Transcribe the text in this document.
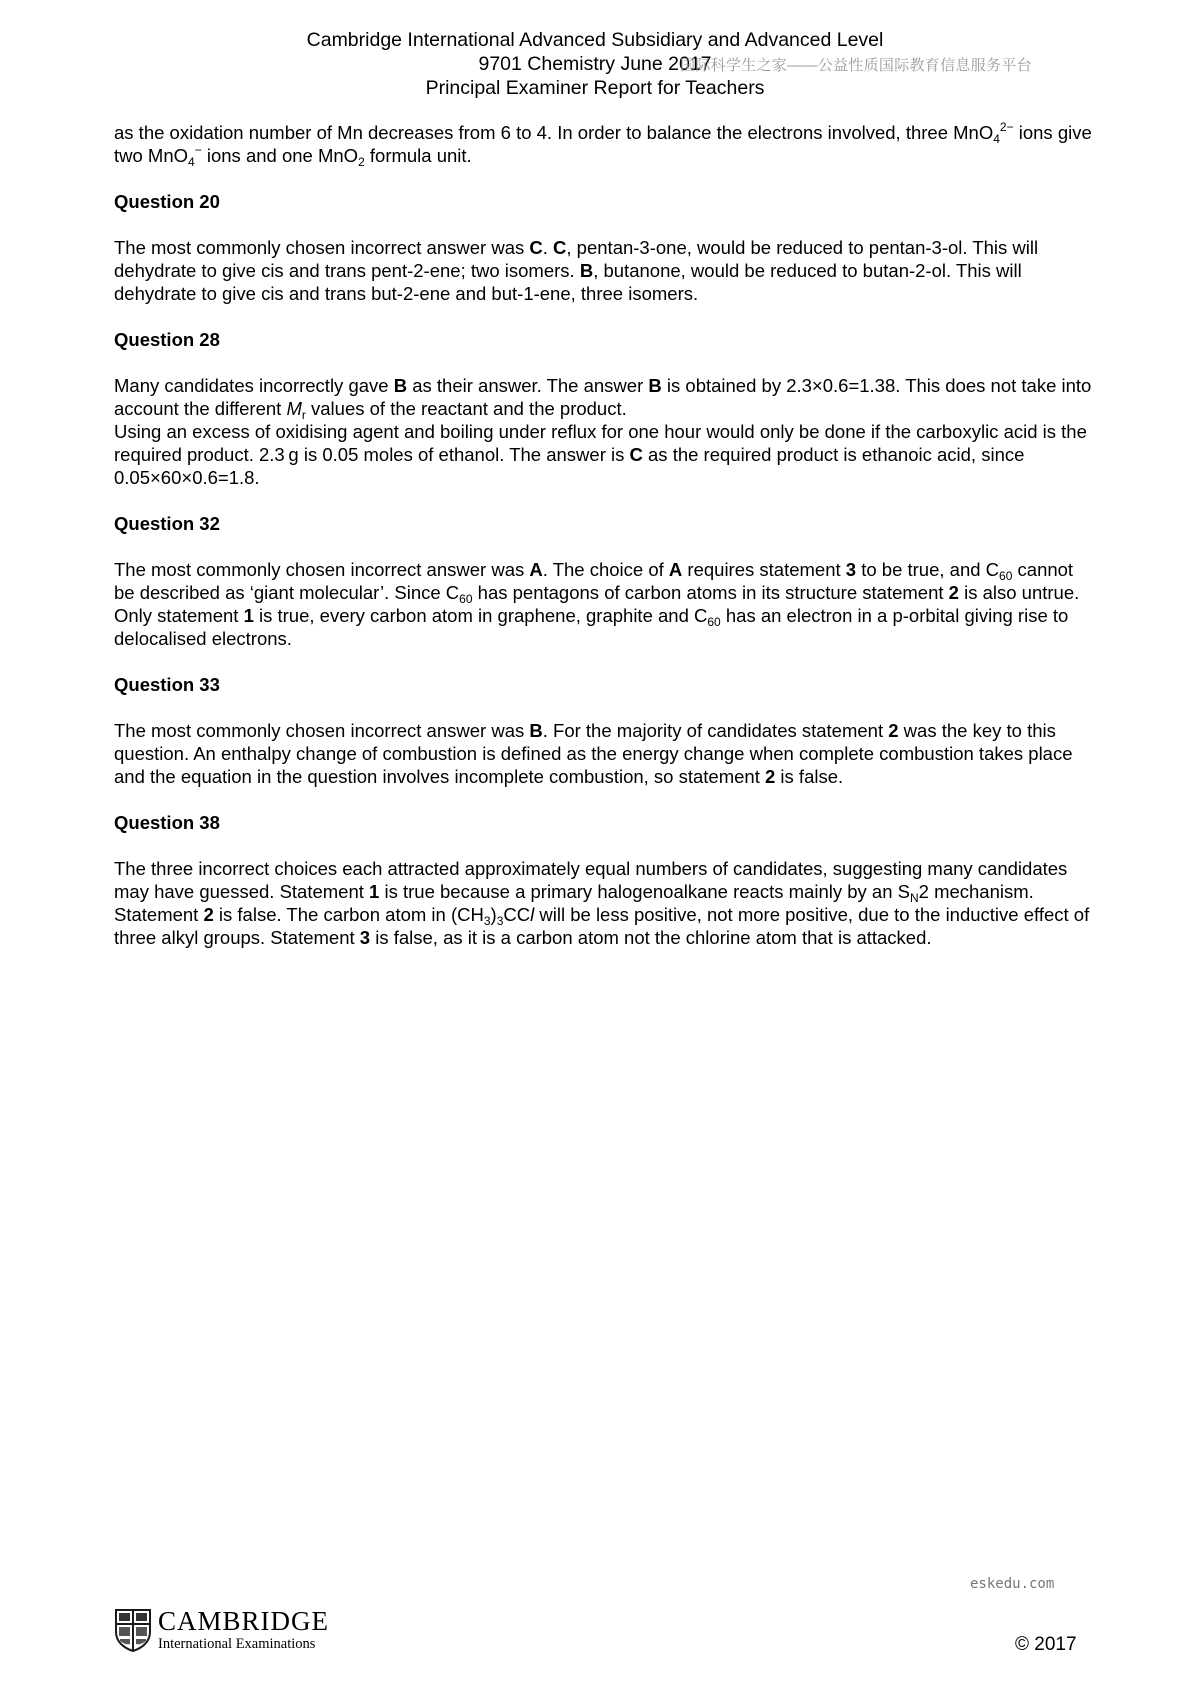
Cambridge International Advanced Subsidiary and Advanced Level
9701 Chemistry June 2017
Principal Examiner Report for Teachers
国际科学生之家——公益性质国际教育信息服务平台

as the oxidation number of Mn decreases from 6 to 4. In order to balance the electrons involved, three MnO$_4^{2-}$ ions give two MnO$_4$− ions and one MnO$_2$ formula unit.

Question 20

The most commonly chosen incorrect answer was C. C, pentan-3-one, would be reduced to pentan-3-ol. This will dehydrate to give cis and trans pent-2-ene; two isomers. B, butanone, would be reduced to butan-2-ol. This will dehydrate to give cis and trans but-2-ene and but-1-ene, three isomers.

Question 28

Many candidates incorrectly gave B as their answer. The answer B is obtained by 2.3×0.6=1.38. This does not take into account the different $M_r$ values of the reactant and the product.

Using an excess of oxidising agent and boiling under reflux for one hour would only be done if the carboxylic acid is the required product. 2.3 g is 0.05 moles of ethanol. The answer is C as the required product is ethanoic acid, since 0.05×60×0.6=1.8.

Question 32

The most commonly chosen incorrect answer was A. The choice of A requires statement 3 to be true, and $C_{60}$ cannot be described as ‘giant molecular’. Since $C_{60}$ has pentagons of carbon atoms in its structure statement 2 is also untrue. Only statement 1 is true, every carbon atom in graphene, graphite and $C_{60}$ has an electron in a p-orbital giving rise to delocalised electrons.

Question 33

The most commonly chosen incorrect answer was B. For the majority of candidates statement 2 was the key to this question. An enthalpy change of combustion is defined as the energy change when complete combustion takes place and the equation in the question involves incomplete combustion, so statement 2 is false.

Question 38

The three incorrect choices each attracted approximately equal numbers of candidates, suggesting many candidates may have guessed. Statement 1 is true because a primary halogenoalkane reacts mainly by an $S_N2$ mechanism. Statement 2 is false. The carbon atom in $(CH_3)_3CCl$ will be less positive, not more positive, due to the inductive effect of three alkyl groups. Statement 3 is false, as it is a carbon atom not the chlorine atom that is attacked.

eskedu.com
CAMBRIDGE
International Examinations	© 2017
